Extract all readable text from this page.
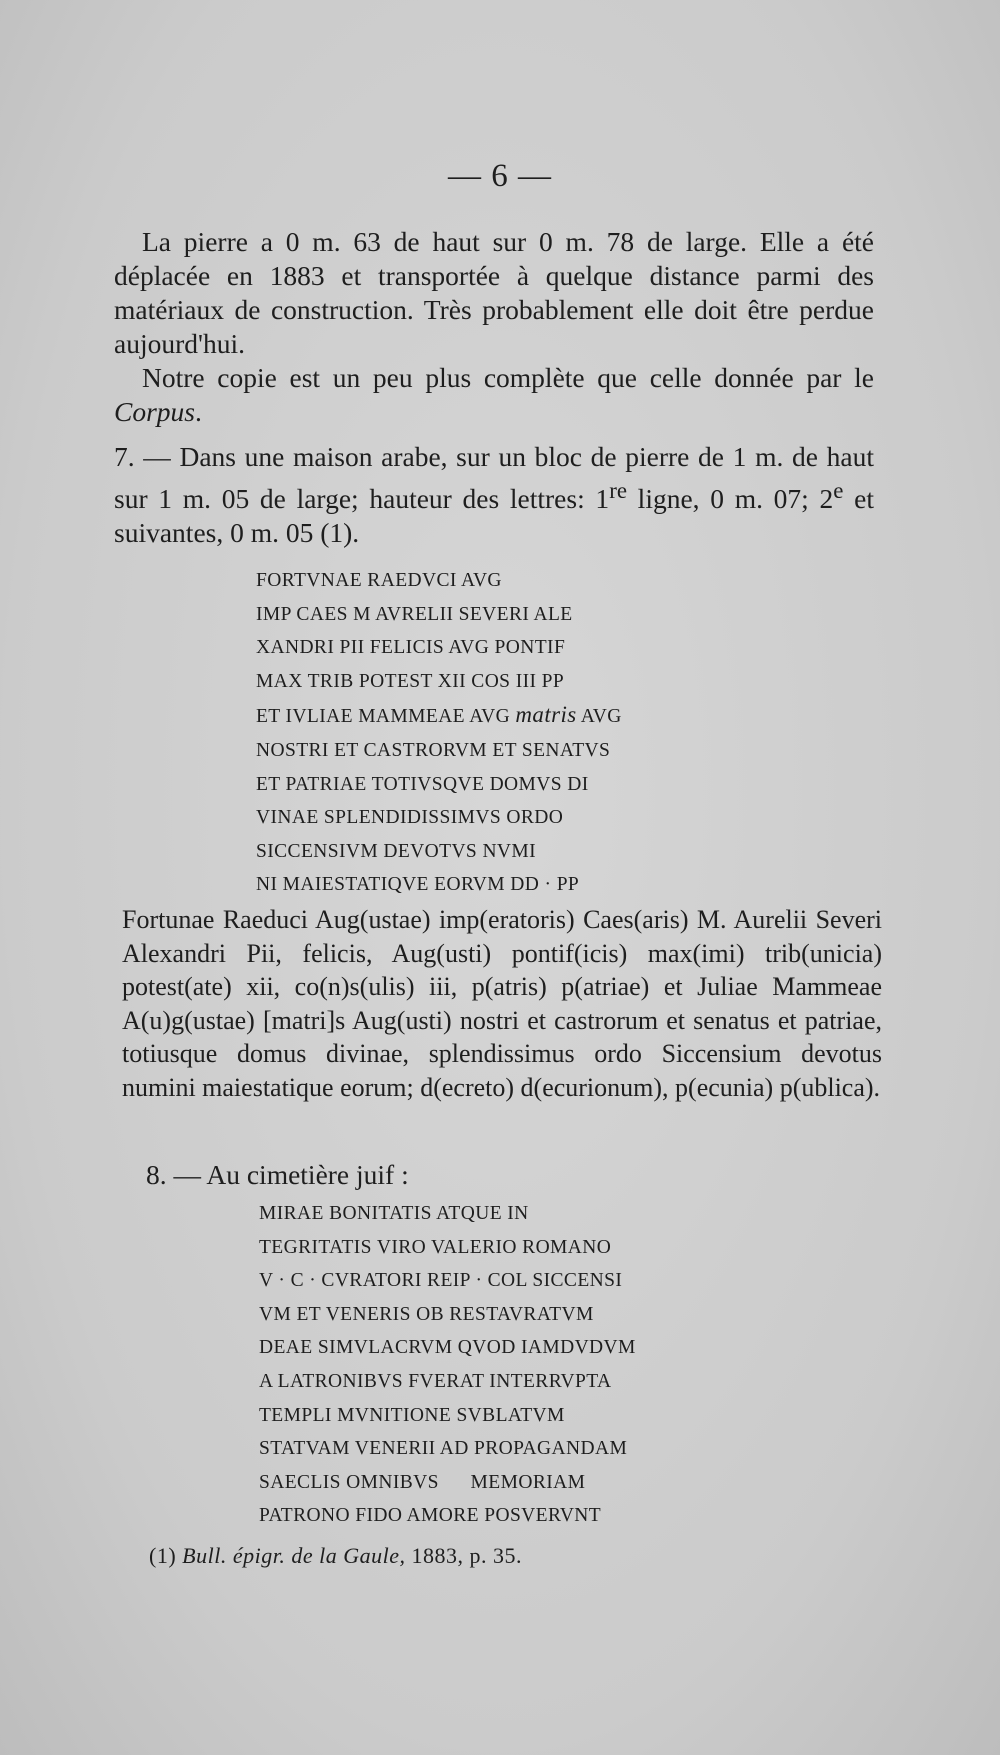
— 6 —

La pierre a 0 m. 63 de haut sur 0 m. 78 de large. Elle a été déplacée en 1883 et transportée à quelque distance parmi des matériaux de construction. Très probablement elle doit être perdue aujourd'hui.

Notre copie est un peu plus complète que celle donnée par le Corpus.

7. — Dans une maison arabe, sur un bloc de pierre de 1 m. de haut sur 1 m. 05 de large; hauteur des lettres: 1re ligne, 0 m. 07; 2e et suivantes, 0 m. 05 (1).

FORTVNAE RAEDVCI AVG
IMP CAES M AVRELII SEVERI ALE
XANDRI PII FELICIS AVG PONTIF
MAX TRIB POTEST XII COS III PP
ET IVLIAE MAMMEAE AVG matris AVG
NOSTRI ET CASTRORVM ET SENATVS
ET PATRIAE TOTIVSQVE DOMVS DI
VINAE SPLENDIDISSIMVS ORDO
SICCENSIVM DEVOTVS NVMI
NI MAIESTATIQVE EORVM DD · PP

Fortunae Raeduci Aug(ustae) imp(eratoris) Caes(aris) M. Aurelii Severi Alexandri Pii, felicis, Aug(usti) pontif(icis) max(imi) trib(unicia) potest(ate) xii, co(n)s(ulis) iii, p(atris) p(atriae) et Juliae Mammeae A(u)g(ustae) [matri]s Aug(usti) nostri et castrorum et senatus et patriae, totiusque domus divinae, splendissimus ordo Siccensium devotus numini maiestatique eorum; d(ecreto) d(ecurionum), p(ecunia) p(ublica).

8. — Au cimetière juif :

MIRAE BONITATIS ATQUE IN
TEGRITATIS VIRO VALERIO ROMANO
V · C · CVRATORI REIP · COL SICCENSI
VM ET VENERIS OB RESTAVRATVM
DEAE SIMVLACRVM QVOD IAMDVDVM
A LATRONIBVS FVERAT INTERRVPTA
TEMPLI MVNITIONE SVBLATVM
STATVAM VENERII AD PROPAGANDAM
SAECLIS OMNIBVS      MEMORIAM
PATRONO FIDO AMORE POSVERVNT
(1) Bull. épigr. de la Gaule, 1883, p. 35.
